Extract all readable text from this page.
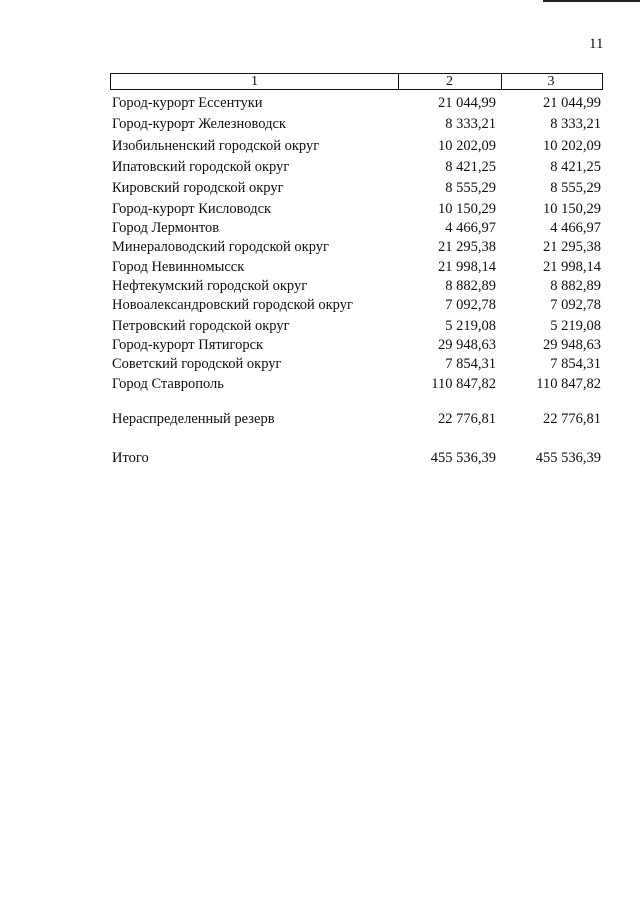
11
1	2	3
Город-курорт Ессентуки	21 044,99	21 044,99
Город-курорт Железноводск	8 333,21	8 333,21
Изобильненский городской округ	10 202,09	10 202,09
Ипатовский городской округ	8 421,25	8 421,25
Кировский городской округ	8 555,29	8 555,29
Город-курорт Кисловодск	10 150,29	10 150,29
Город Лермонтов	4 466,97	4 466,97
Минераловодский городской округ	21 295,38	21 295,38
Город Невинномысск	21 998,14	21 998,14
Нефтекумский городской округ	8 882,89	8 882,89
Новоалександровский городской округ	7 092,78	7 092,78
Петровский городской округ	5 219,08	5 219,08
Город-курорт Пятигорск	29 948,63	29 948,63
Советский городской округ	7 854,31	7 854,31
Город Ставрополь	110 847,82	110 847,82
Нераспределенный резерв	22 776,81	22 776,81
Итого	455 536,39	455 536,39
